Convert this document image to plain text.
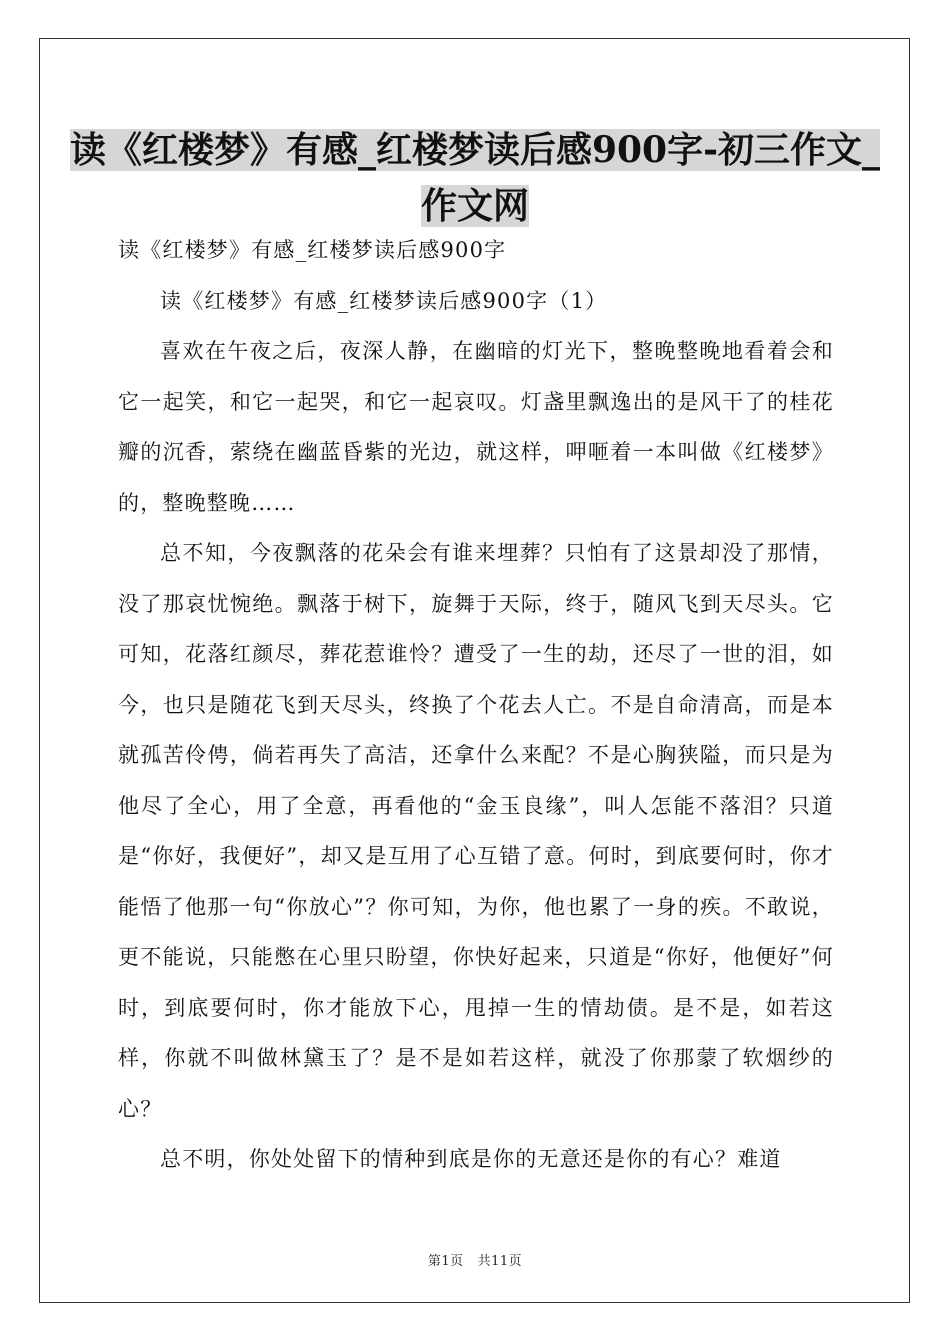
读《红楼梦》有感_红楼梦读后感900字-初三作文_作文网

读《红楼梦》有感_红楼梦读后感900字

读《红楼梦》有感_红楼梦读后感900字（1）

喜欢在午夜之后，夜深人静，在幽暗的灯光下，整晚整晚地看着会和它一起笑，和它一起哭，和它一起哀叹。灯盏里飘逸出的是风干了的桂花瓣的沉香，萦绕在幽蓝昏紫的光边，就这样，呷咂着一本叫做《红楼梦》的，整晚整晚……

总不知，今夜飘落的花朵会有谁来埋葬？只怕有了这景却没了那情，没了那哀忧惋绝。飘落于树下，旋舞于天际，终于，随风飞到天尽头。它可知，花落红颜尽，葬花惹谁怜？遭受了一生的劫，还尽了一世的泪，如今，也只是随花飞到天尽头，终换了个花去人亡。不是自命清高，而是本就孤苦伶俜，倘若再失了高洁，还拿什么来配？不是心胸狭隘，而只是为他尽了全心，用了全意，再看他的“金玉良缘”，叫人怎能不落泪？只道是“你好，我便好”，却又是互用了心互错了意。何时，到底要何时，你才能悟了他那一句“你放心”？你可知，为你，他也累了一身的疾。不敢说，更不能说，只能憋在心里只盼望，你快好起来，只道是“你好，他便好”何时，到底要何时，你才能放下心，甩掉一生的情劫债。是不是，如若这样，你就不叫做林黛玉了？是不是如若这样，就没了你那蒙了软烟纱的心？

总不明，你处处留下的情种到底是你的无意还是你的有心？难道

第1页 共11页
